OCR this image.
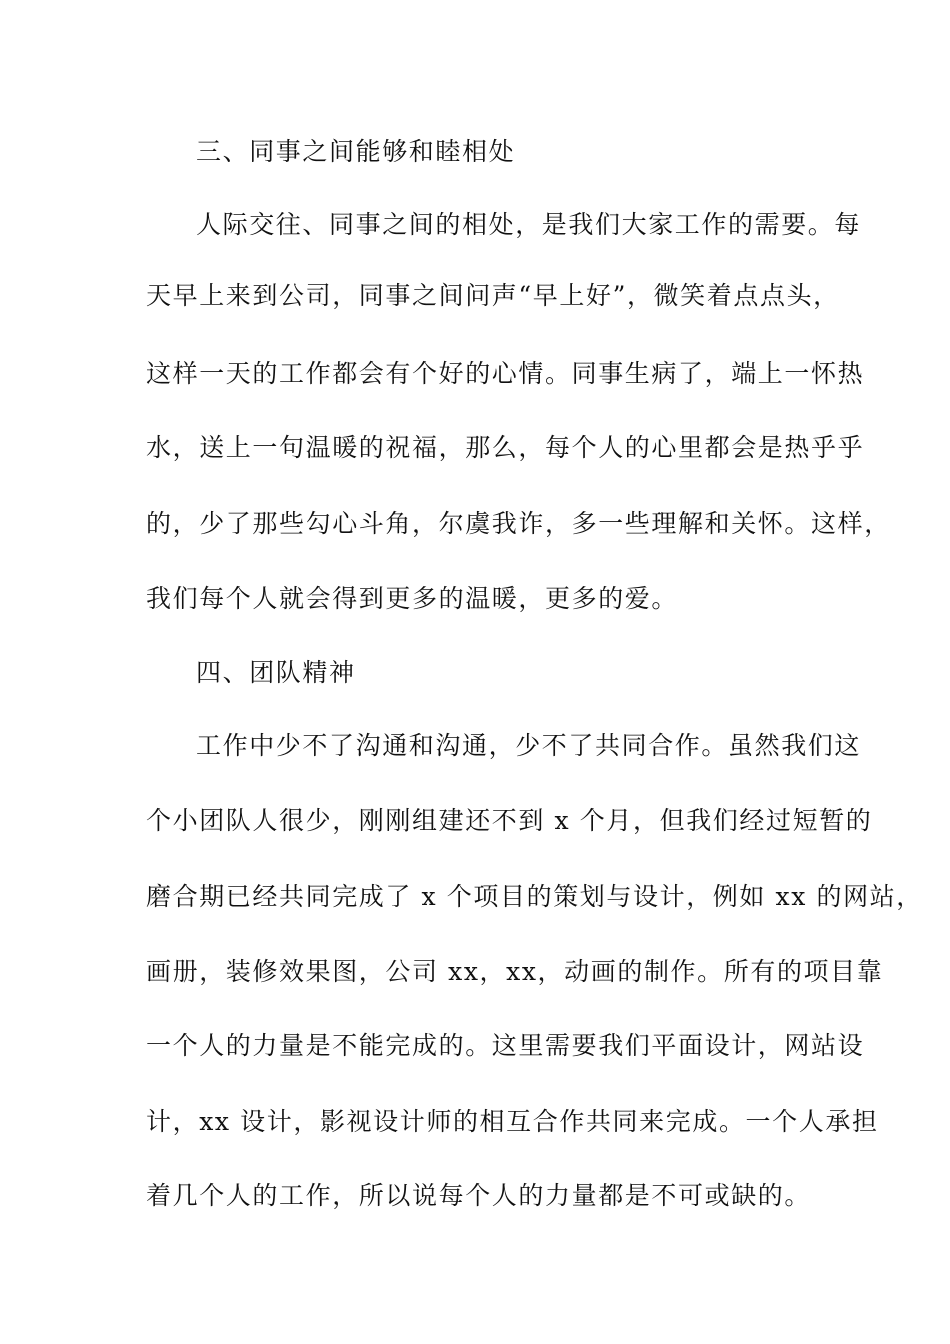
三、同事之间能够和睦相处
人际交往、同事之间的相处，是我们大家工作的需要。每
天早上来到公司，同事之间问声“早上好”，微笑着点点头，
这样一天的工作都会有个好的心情。同事生病了，端上一怀热
水，送上一句温暖的祝福，那么，每个人的心里都会是热乎乎
的，少了那些勾心斗角，尔虞我诈，多一些理解和关怀。这样，
我们每个人就会得到更多的温暖，更多的爱。
四、团队精神
工作中少不了沟通和沟通，少不了共同合作。虽然我们这
个小团队人很少，刚刚组建还不到 x 个月，但我们经过短暂的
磨合期已经共同完成了 x 个项目的策划与设计，例如 xx 的网站，
画册，装修效果图，公司 xx，xx，动画的制作。所有的项目靠
一个人的力量是不能完成的。这里需要我们平面设计，网站设
计，xx 设计，影视设计师的相互合作共同来完成。一个人承担
着几个人的工作，所以说每个人的力量都是不可或缺的。
